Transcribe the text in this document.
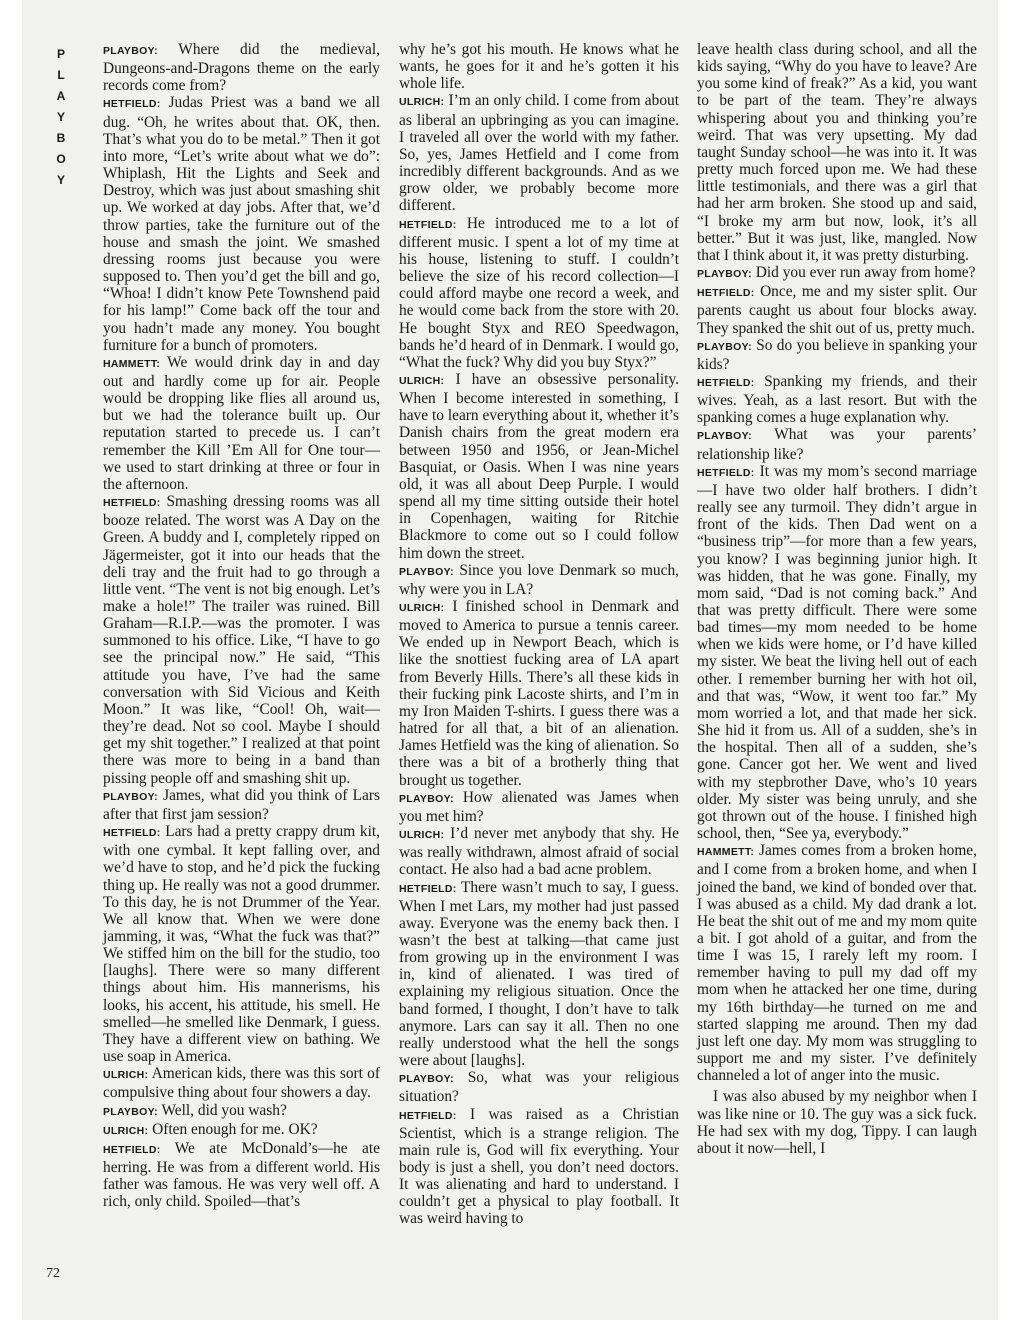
P
L
A
Y
B
O
Y

PLAYBOY: Where did the medieval, Dungeons-and-Dragons theme on the early records come from?

HETFIELD: Judas Priest was a band we all dug. “Oh, he writes about that. OK, then. That’s what you do to be metal.” Then it got into more, “Let’s write about what we do”: Whiplash, Hit the Lights and Seek and Destroy, which was just about smashing shit up. We worked at day jobs. After that, we’d throw parties, take the furniture out of the house and smash the joint. We smashed dressing rooms just because you were supposed to. Then you’d get the bill and go, “Whoa! I didn’t know Pete Townshend paid for his lamp!” Come back off the tour and you hadn’t made any money. You bought furniture for a bunch of promoters.

HAMMETT: We would drink day in and day out and hardly come up for air. People would be dropping like flies all around us, but we had the tolerance built up. Our reputation started to precede us. I can’t remember the Kill ’Em All for One tour—we used to start drinking at three or four in the afternoon.

HETFIELD: Smashing dressing rooms was all booze related. The worst was A Day on the Green. A buddy and I, completely ripped on Jägermeister, got it into our heads that the deli tray and the fruit had to go through a little vent. “The vent is not big enough. Let’s make a hole!” The trailer was ruined. Bill Graham—R.I.P.—was the promoter. I was summoned to his office. Like, “I have to go see the principal now.” He said, “This attitude you have, I’ve had the same conversation with Sid Vicious and Keith Moon.” It was like, “Cool! Oh, wait—they’re dead. Not so cool. Maybe I should get my shit together.” I realized at that point there was more to being in a band than pissing people off and smashing shit up.

PLAYBOY: James, what did you think of Lars after that first jam session?

HETFIELD: Lars had a pretty crappy drum kit, with one cymbal. It kept falling over, and we’d have to stop, and he’d pick the fucking thing up. He really was not a good drummer. To this day, he is not Drummer of the Year. We all know that. When we were done jamming, it was, “What the fuck was that?” We stiffed him on the bill for the studio, too [laughs]. There were so many different things about him. His mannerisms, his looks, his accent, his attitude, his smell. He smelled—he smelled like Denmark, I guess. They have a different view on bathing. We use soap in America.

ULRICH: American kids, there was this sort of compulsive thing about four showers a day.

PLAYBOY: Well, did you wash?

ULRICH: Often enough for me. OK?

HETFIELD: We ate McDonald’s—he ate herring. He was from a different world. His father was famous. He was very well off. A rich, only child. Spoiled—that’s

why he’s got his mouth. He knows what he wants, he goes for it and he’s gotten it his whole life.

ULRICH: I’m an only child. I come from about as liberal an upbringing as you can imagine. I traveled all over the world with my father. So, yes, James Hetfield and I come from incredibly different backgrounds. And as we grow older, we probably become more different.

HETFIELD: He introduced me to a lot of different music. I spent a lot of my time at his house, listening to stuff. I couldn’t believe the size of his record collection—I could afford maybe one record a week, and he would come back from the store with 20. He bought Styx and REO Speedwagon, bands he’d heard of in Denmark. I would go, “What the fuck? Why did you buy Styx?”

ULRICH: I have an obsessive personality. When I become interested in something, I have to learn everything about it, whether it’s Danish chairs from the great modern era between 1950 and 1956, or Jean-Michel Basquiat, or Oasis. When I was nine years old, it was all about Deep Purple. I would spend all my time sitting outside their hotel in Copenhagen, waiting for Ritchie Blackmore to come out so I could follow him down the street.

PLAYBOY: Since you love Denmark so much, why were you in LA?

ULRICH: I finished school in Denmark and moved to America to pursue a tennis career. We ended up in Newport Beach, which is like the snottiest fucking area of LA apart from Beverly Hills. There’s all these kids in their fucking pink Lacoste shirts, and I’m in my Iron Maiden T-shirts. I guess there was a hatred for all that, a bit of an alienation. James Hetfield was the king of alienation. So there was a bit of a brotherly thing that brought us together.

PLAYBOY: How alienated was James when you met him?

ULRICH: I’d never met anybody that shy. He was really withdrawn, almost afraid of social contact. He also had a bad acne problem.

HETFIELD: There wasn’t much to say, I guess. When I met Lars, my mother had just passed away. Everyone was the enemy back then. I wasn’t the best at talking—that came just from growing up in the environment I was in, kind of alienated. I was tired of explaining my religious situation. Once the band formed, I thought, I don’t have to talk anymore. Lars can say it all. Then no one really understood what the hell the songs were about [laughs].

PLAYBOY: So, what was your religious situation?

HETFIELD: I was raised as a Christian Scientist, which is a strange religion. The main rule is, God will fix everything. Your body is just a shell, you don’t need doctors. It was alienating and hard to understand. I couldn’t get a physical to play football. It was weird having to

leave health class during school, and all the kids saying, “Why do you have to leave? Are you some kind of freak?” As a kid, you want to be part of the team. They’re always whispering about you and thinking you’re weird. That was very upsetting. My dad taught Sunday school—he was into it. It was pretty much forced upon me. We had these little testimonials, and there was a girl that had her arm broken. She stood up and said, “I broke my arm but now, look, it’s all better.” But it was just, like, mangled. Now that I think about it, it was pretty disturbing.

PLAYBOY: Did you ever run away from home?

HETFIELD: Once, me and my sister split. Our parents caught us about four blocks away. They spanked the shit out of us, pretty much.

PLAYBOY: So do you believe in spanking your kids?

HETFIELD: Spanking my friends, and their wives. Yeah, as a last resort. But with the spanking comes a huge explanation why.

PLAYBOY: What was your parents’ relationship like?

HETFIELD: It was my mom’s second marriage—I have two older half brothers. I didn’t really see any turmoil. They didn’t argue in front of the kids. Then Dad went on a “business trip”—for more than a few years, you know? I was beginning junior high. It was hidden, that he was gone. Finally, my mom said, “Dad is not coming back.” And that was pretty difficult. There were some bad times—my mom needed to be home when we kids were home, or I’d have killed my sister. We beat the living hell out of each other. I remember burning her with hot oil, and that was, “Wow, it went too far.” My mom worried a lot, and that made her sick. She hid it from us. All of a sudden, she’s in the hospital. Then all of a sudden, she’s gone. Cancer got her. We went and lived with my stepbrother Dave, who’s 10 years older. My sister was being unruly, and she got thrown out of the house. I finished high school, then, “See ya, everybody.”

HAMMETT: James comes from a broken home, and I come from a broken home, and when I joined the band, we kind of bonded over that. I was abused as a child. My dad drank a lot. He beat the shit out of me and my mom quite a bit. I got ahold of a guitar, and from the time I was 15, I rarely left my room. I remember having to pull my dad off my mom when he attacked her one time, during my 16th birthday—he turned on me and started slapping me around. Then my dad just left one day. My mom was struggling to support me and my sister. I’ve definitely channeled a lot of anger into the music.

I was also abused by my neighbor when I was like nine or 10. The guy was a sick fuck. He had sex with my dog, Tippy. I can laugh about it now—hell, I

72
